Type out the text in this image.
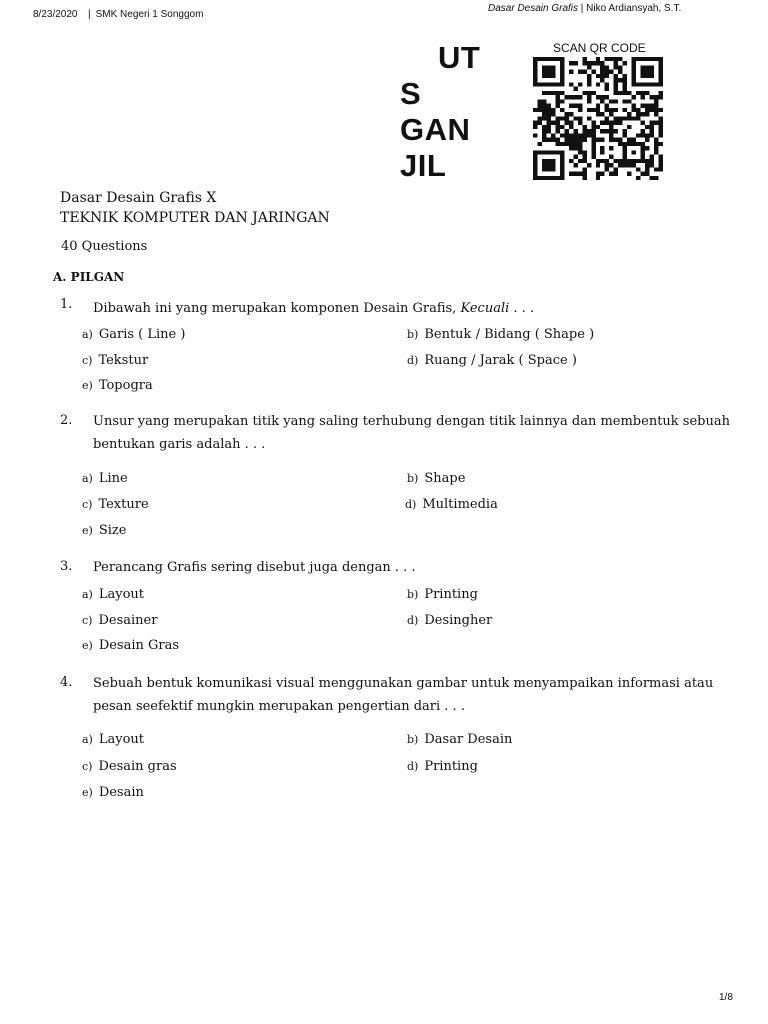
8/23/2020
|	SMK Negeri 1 Songgom
Dasar Desain Grafis | Niko Ardiansyah, S.T.
UT
S
GAN
JIL
SCAN QR CODE
Dasar Desain Grafis X
TEKNIK KOMPUTER DAN JARINGAN
40 Questions
A. PILGAN
1. Dibawah ini yang merupakan komponen Desain Grafis, Kecuali . . .
a) Garis ( Line )	b) Bentuk / Bidang ( Shape )
c) Tekstur	d) Ruang / Jarak ( Space )
e) Topogra
2. Unsur yang merupakan titik yang saling terhubung dengan titik lainnya dan membentuk sebuah bentukan garis adalah . . .
a) Line	b) Shape
c) Texture	d) Multimedia
e) Size
3. Perancang Grafis sering disebut juga dengan . . .
a) Layout	b) Printing
c) Desainer	d) Desingher
e) Desain Gras
4. Sebuah bentuk komunikasi visual menggunakan gambar untuk menyampaikan informasi atau pesan seefektif mungkin merupakan pengertian dari . . .
a) Layout	b) Dasar Desain
c) Desain gras	d) Printing
e) Desain
1/8
